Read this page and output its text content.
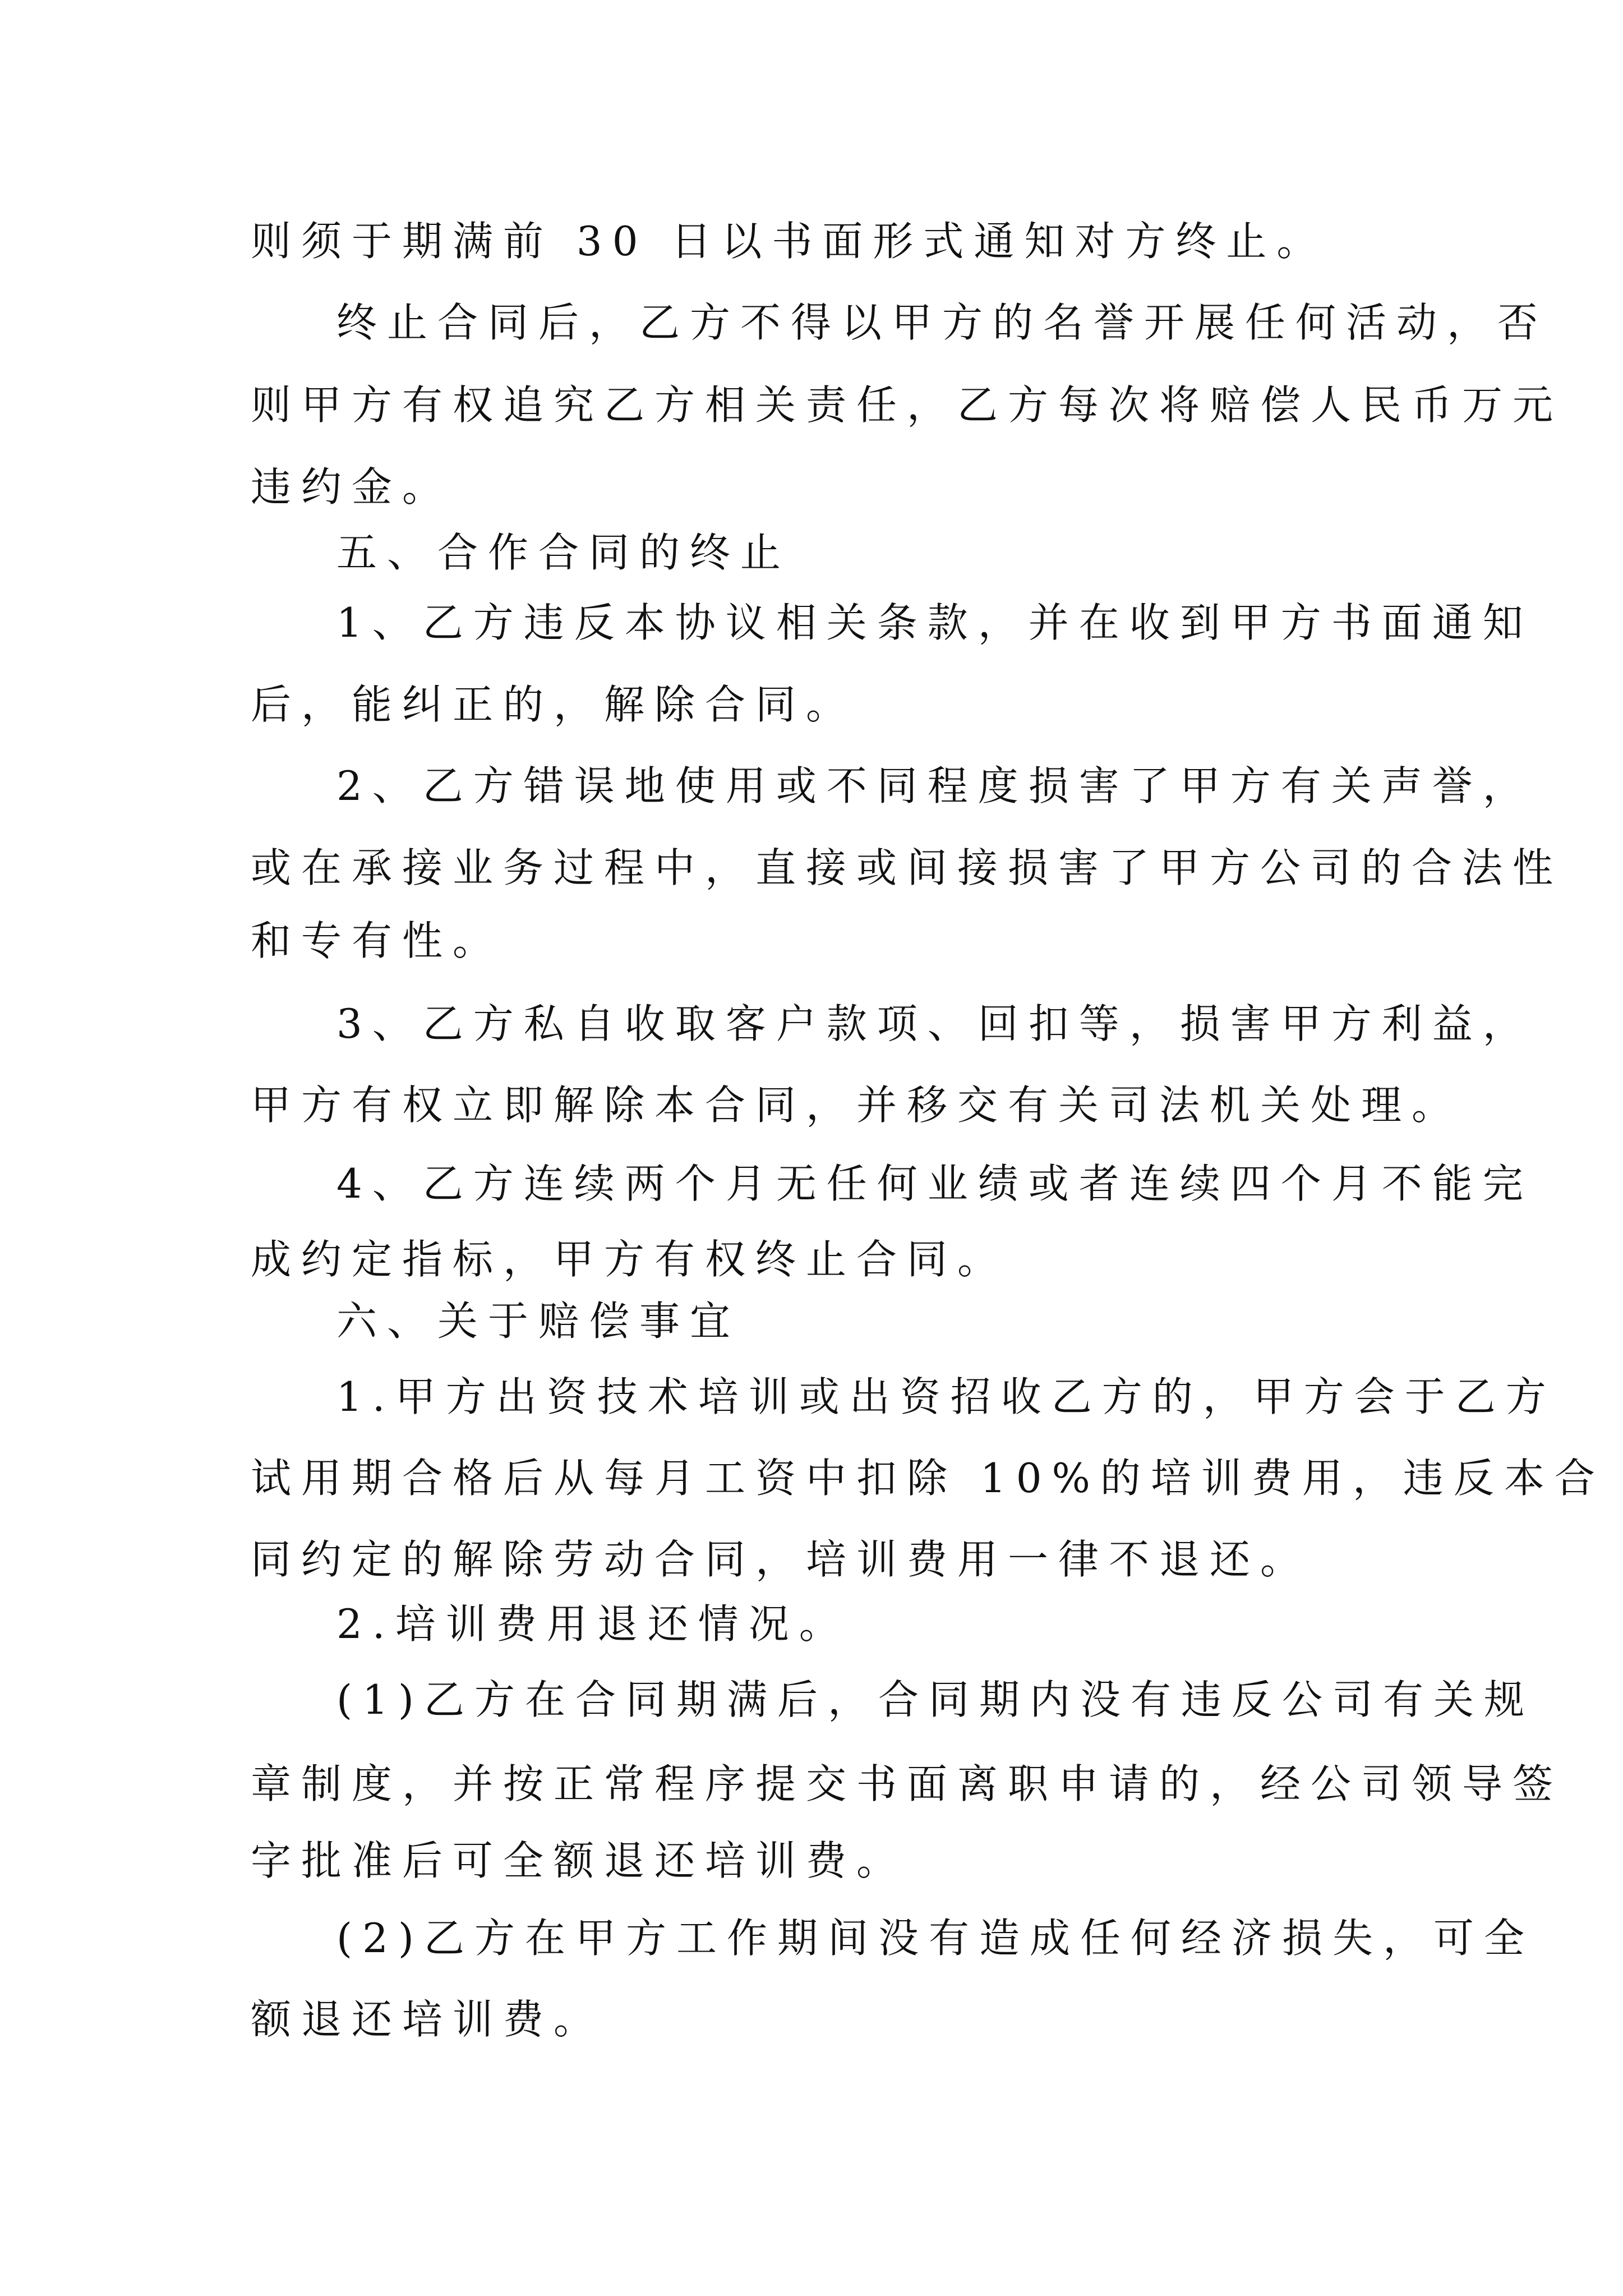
则须于期满前 30 日以书面形式通知对方终止。
终止合同后，乙方不得以甲方的名誉开展任何活动，否
则甲方有权追究乙方相关责任，乙方每次将赔偿人民币万元
违约金。
五、合作合同的终止
1、乙方违反本协议相关条款，并在收到甲方书面通知
后，能纠正的，解除合同。
2、乙方错误地使用或不同程度损害了甲方有关声誉，
或在承接业务过程中，直接或间接损害了甲方公司的合法性
和专有性。
3、乙方私自收取客户款项、回扣等，损害甲方利益，
甲方有权立即解除本合同，并移交有关司法机关处理。
4、乙方连续两个月无任何业绩或者连续四个月不能完
成约定指标，甲方有权终止合同。
六、关于赔偿事宜
1.甲方出资技术培训或出资招收乙方的，甲方会于乙方
试用期合格后从每月工资中扣除 10%的培训费用，违反本合
同约定的解除劳动合同，培训费用一律不退还。
2.培训费用退还情况。
(1)乙方在合同期满后，合同期内没有违反公司有关规
章制度，并按正常程序提交书面离职申请的，经公司领导签
字批准后可全额退还培训费。
(2)乙方在甲方工作期间没有造成任何经济损失，可全
额退还培训费。
